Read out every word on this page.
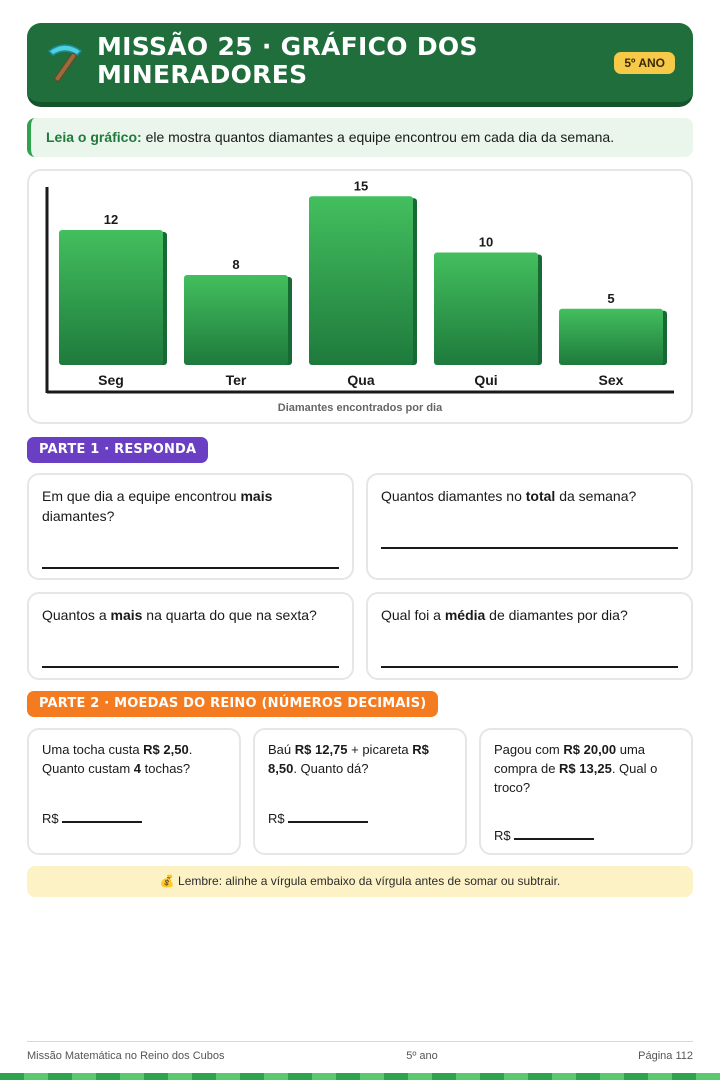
MISSÃO 25 · GRÁFICO DOS
MINERADORES	5º ANO
Leia o gráfico: ele mostra quantos diamantes a equipe encontrou em cada dia da semana.
12
Seg
8
Ter
15
Qua
10
Qui
5
Sex
Diamantes encontrados por dia
PARTE 1 · RESPONDA
Em que dia a equipe encontrou mais diamantes?
Quantos diamantes no total da semana?
Quantos a mais na quarta do que na sexta?	Qual foi a média de diamantes por dia?
PARTE 2 · MOEDAS DO REINO (NÚMEROS DECIMAIS)
Uma tocha custa R$ 2,50. Quanto custam 4 tochas?
R$
Baú R$ 12,75 + picareta R$ 8,50. Quanto dá?
R$
Pagou com R$ 20,00 uma compra de R$ 13,25. Qual o troco?
R$
💰 Lembre: alinhe a vírgula embaixo da vírgula antes de somar ou subtrair.
Missão Matemática no Reino dos Cubos	5º ano	Página 112
